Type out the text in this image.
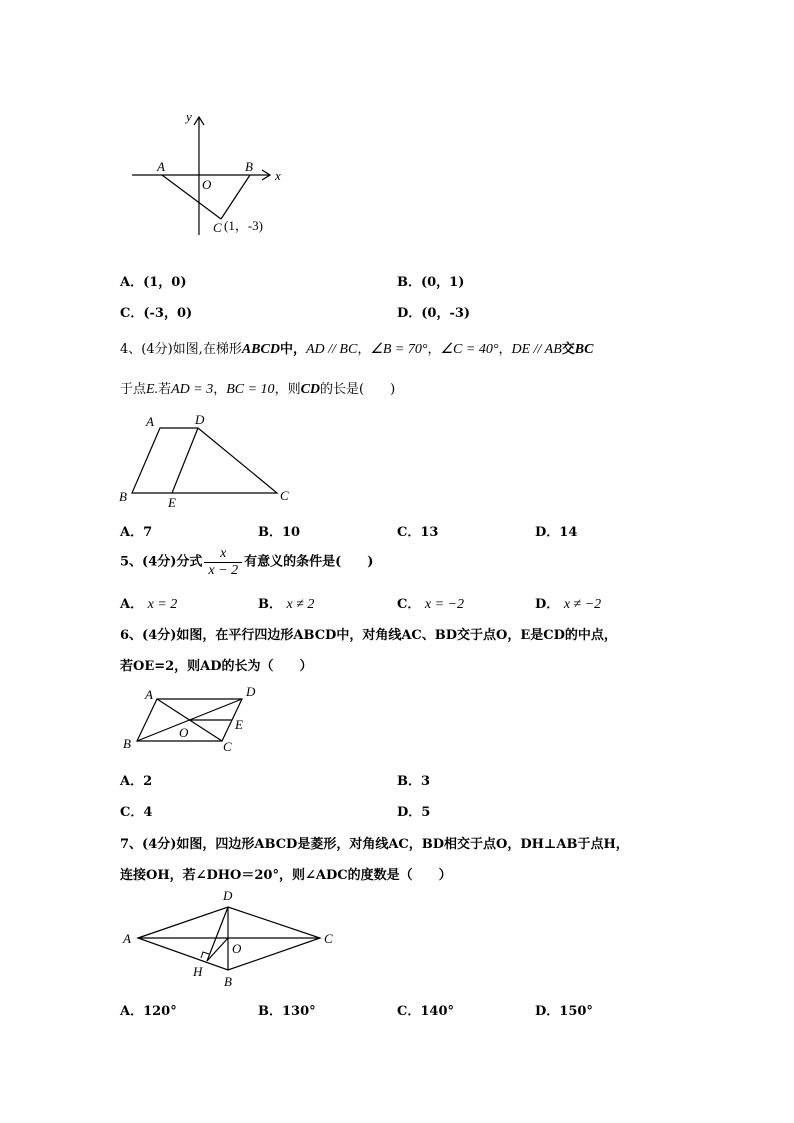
y
x
A	B
O
C (1，-3)
A．(1，0)	B．(0，1)
C．(-3，0)	D．(0，-3)
4、(4分)如图,在梯形ABCD中，AD // BC，∠B = 70°，∠C = 40°，DE // AB交BC
于点E.若AD = 3，BC = 10，则CD的长是(　　)
A	D
B	E	C
A．7	B．10	C．13	D．14
5、(4分)分式 $\frac{x}{x - 2}$ 有意义的条件是(　　)
A． x = 2	B． x ≠ 2	C． x = −2	D． x ≠ −2
6、(4分)如图，在平行四边形ABCD中，对角线AC、BD交于点O，E是CD的中点，
若OE=2，则AD的长为（　　）
A	D
E
O
B	C
A．2	B．3
C．4	D．5
7、(4分)如图，四边形ABCD是菱形，对角线AC，BD相交于点O，DH⊥AB于点H，
连接OH，若∠DHO＝20°，则∠ADC的度数是（　　）
D
A
O
C
H
B
A．120°	B．130°	C．140°	D．150°
